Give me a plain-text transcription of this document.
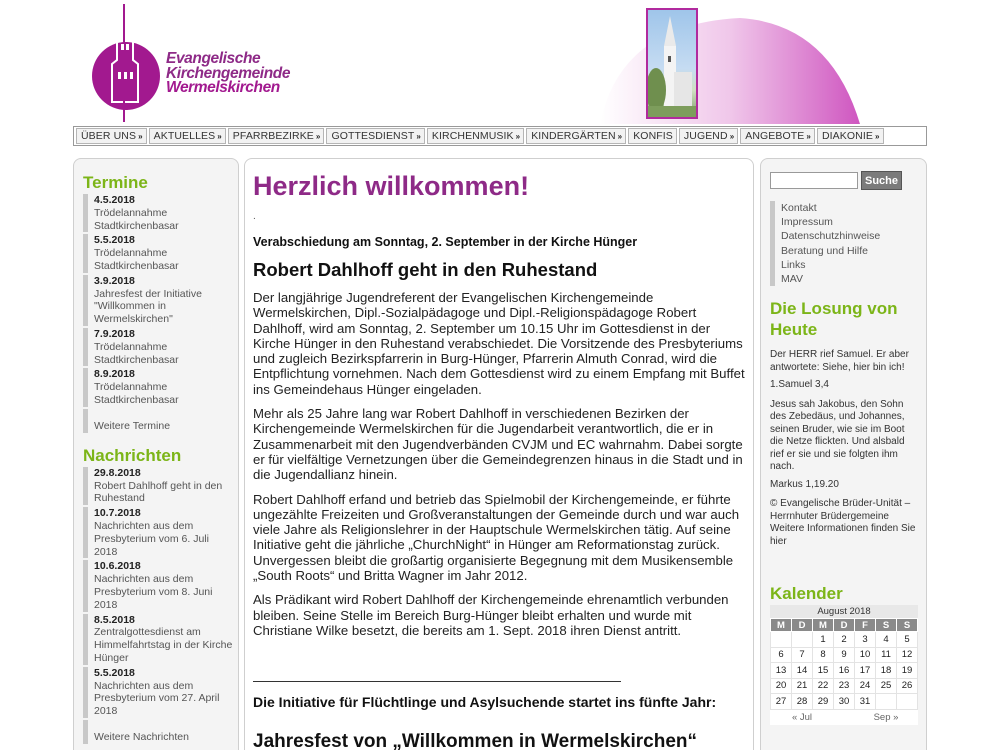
Evangelische
Kirchengemeinde
Wermelskirchen
ÜBER UNS » AKTUELLES » PFARRBEZIRKE » GOTTESDIENST » KIRCHENMUSIK » KINDERGÄRTEN » KONFIS JUGEND » ANGEBOTE » DIAKONIE »
Termine
4.5.2018
Trödelannahme Stadtkirchenbasar
5.5.2018
Trödelannahme Stadtkirchenbasar
3.9.2018
Jahresfest der Initiative "Willkommen in Wermelskirchen"
7.9.2018
Trödelannahme Stadtkirchenbasar
8.9.2018
Trödelannahme Stadtkirchenbasar
Weitere Termine
Nachrichten
29.8.2018
Robert Dahlhoff geht in den Ruhestand
10.7.2018
Nachrichten aus dem Presbyterium vom 6. Juli 2018
10.6.2018
Nachrichten aus dem Presbyterium vom 8. Juni 2018
8.5.2018
Zentralgottesdienst am Himmelfahrtstag in der Kirche Hünger
5.5.2018
Nachrichten aus dem Presbyterium vom 27. April 2018
Weitere Nachrichten
Herzlich willkommen!
.
Verabschiedung am Sonntag, 2. September in der Kirche Hünger
Robert Dahlhoff geht in den Ruhestand

Der langjährige Jugendreferent der Evangelischen Kirchengemeinde Wermelskirchen, Dipl.-Sozialpädagoge und Dipl.-Religionspädagoge Robert Dahlhoff, wird am Sonntag, 2. September um 10.15 Uhr im Gottesdienst in der Kirche Hünger in den Ruhestand verabschiedet. Die Vorsitzende des Presbyteriums und zugleich Bezirkspfarrerin in Burg-Hünger, Pfarrerin Almuth Conrad, wird die Entpflichtung vornehmen. Nach dem Gottesdienst wird zu einem Empfang mit Buffet ins Gemeindehaus Hünger eingeladen.

Mehr als 25 Jahre lang war Robert Dahlhoff in verschiedenen Bezirken der Kirchengemeinde Wermelskirchen für die Jugendarbeit verantwortlich, die er in Zusammenarbeit mit den Jugendverbänden CVJM und EC wahrnahm. Dabei sorgte er für vielfältige Vernetzungen über die Gemeindegrenzen hinaus in die Stadt und in die Jugendallianz hinein.

Robert Dahlhoff erfand und betrieb das Spielmobil der Kirchengemeinde, er führte ungezählte Freizeiten und Großveranstaltungen der Gemeinde durch und war auch viele Jahre als Religionslehrer in der Hauptschule Wermelskirchen tätig. Auf seine Initiative geht die jährliche „ChurchNight“ in Hünger am Reformationstag zurück. Unvergessen bleibt die großartig organisierte Begegnung mit dem Musikensemble „South Roots“ und Britta Wagner im Jahr 2012.

Als Prädikant wird Robert Dahlhoff der Kirchengemeinde ehrenamtlich verbunden bleiben. Seine Stelle im Bereich Burg-Hünger bleibt erhalten und wurde mit Christiane Wilke besetzt, die bereits am 1. Sept. 2018 ihren Dienst antritt.

Die Initiative für Flüchtlinge und Asylsuchende startet ins fünfte Jahr:
Jahresfest von „Willkommen in Wermelskirchen“
Suche
Kontakt
Impressum
Datenschutzhinweise
Beratung und Hilfe
Links
MAV
Die Losung von Heute
Der HERR rief Samuel. Er aber antwortete: Siehe, hier bin ich!
1.Samuel 3,4
Jesus sah Jakobus, den Sohn des Zebedäus, und Johannes, seinen Bruder, wie sie im Boot die Netze flickten. Und alsbald rief er sie und sie folgten ihm nach.
Markus 1,19.20
© Evangelische Brüder-Unität – Herrnhuter Brüdergemeine
Weitere Informationen finden Sie hier
Kalender
August 2018
M	D	M	D	F	S	S
		1	2	3	4	5
6	7	8	9	10	11	12
13	14	15	16	17	18	19
20	21	22	23	24	25	26
27	28	29	30	31		
« Jul				Sep »		
